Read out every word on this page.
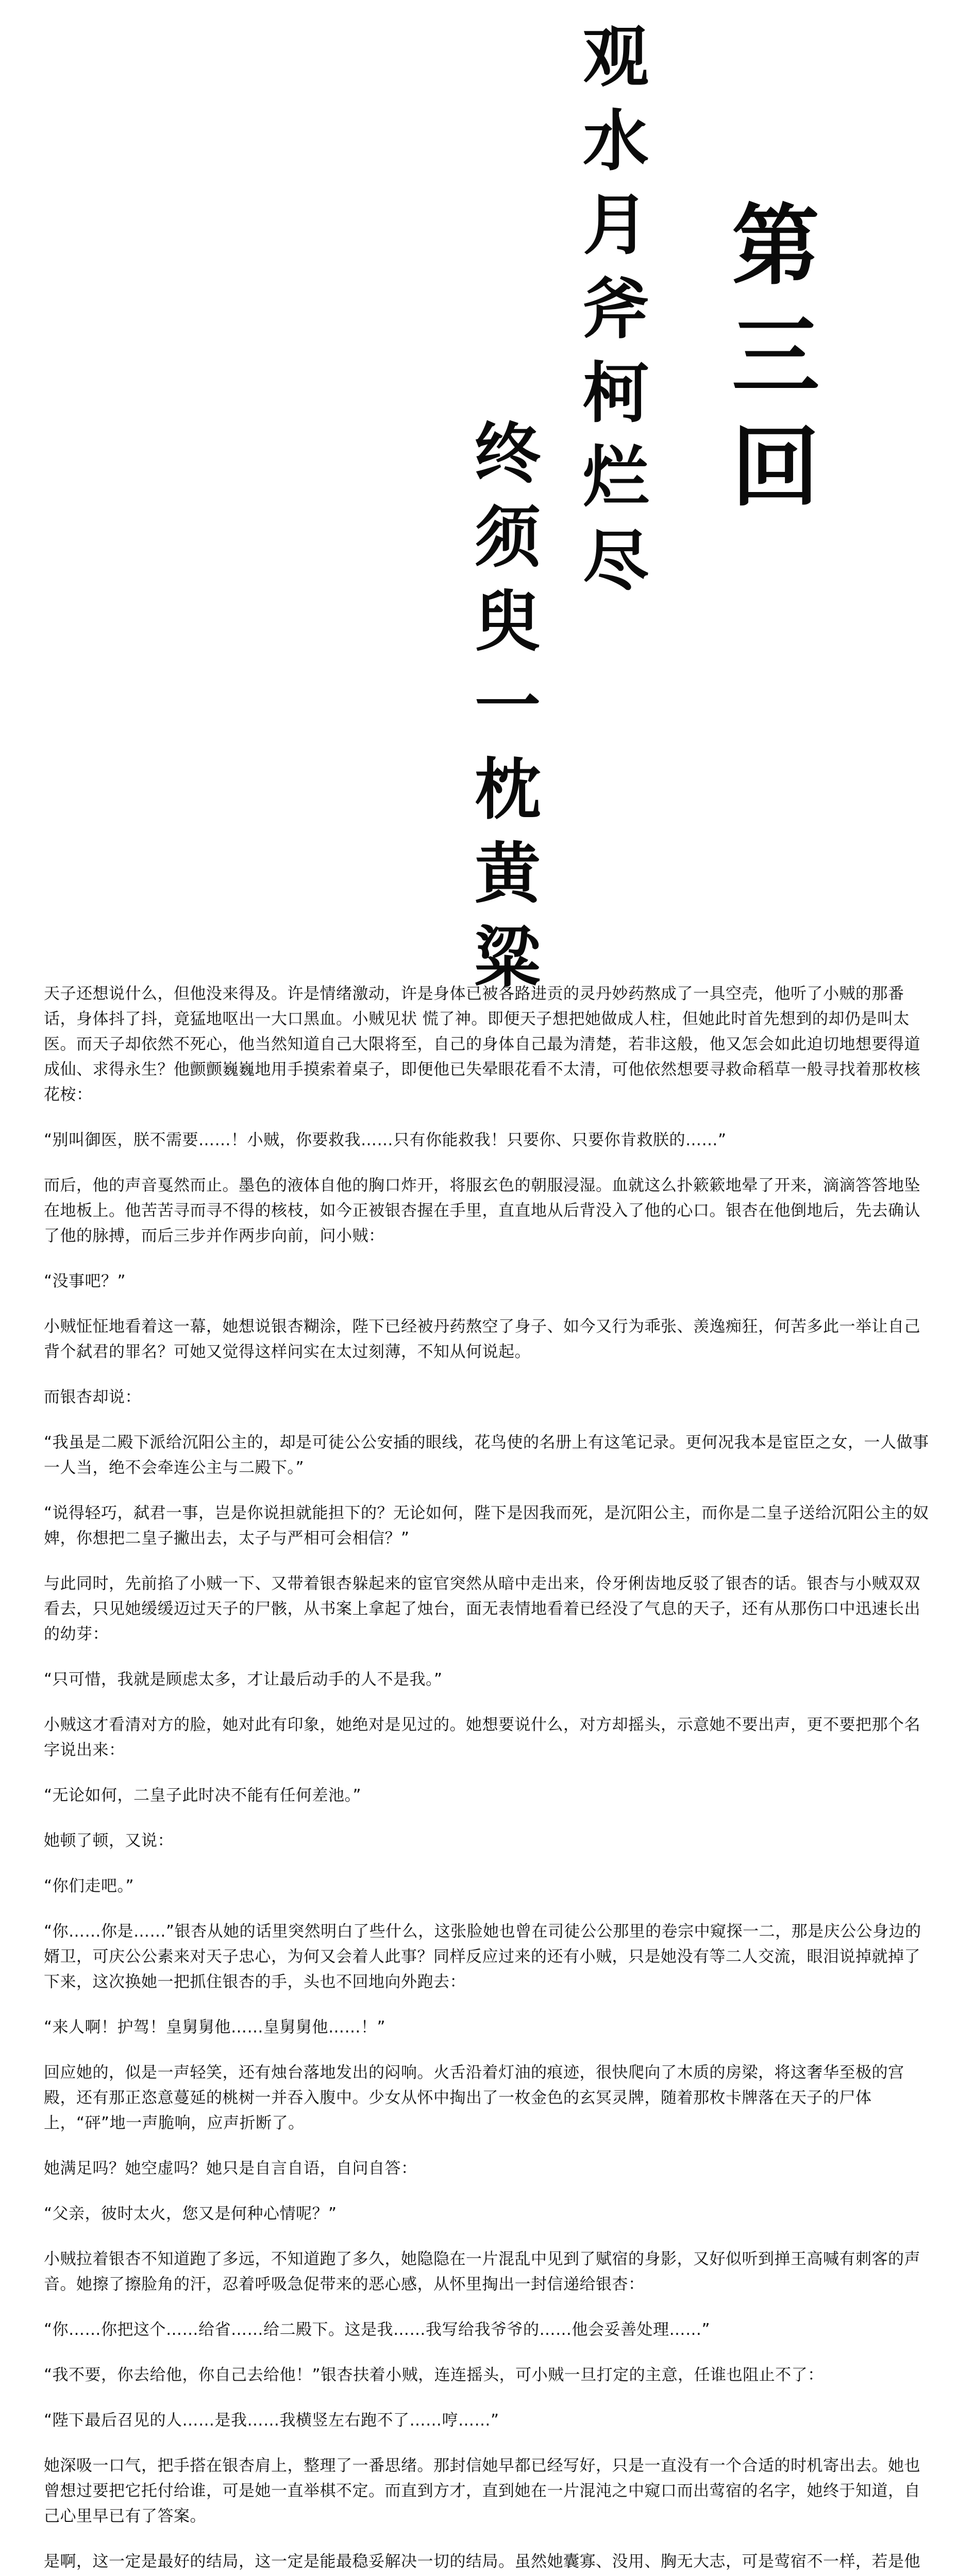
第
三
回
观
水
月
斧
柯
烂
尽
终
须
臾
一
枕
黄
粱

天子还想说什么，但他没来得及。许是情绪激动，许是身体已被各路进贡的灵丹妙药熬成了一具空壳，他听了小贼的那番话，身体抖了抖，竟猛地呕出一大口黑血。小贼见状 慌了神。即便天子想把她做成人柱，但她此时首先想到的却仍是叫太医。而天子却依然不死心，他当然知道自己大限将至，自己的身体自己最为清楚，若非这般，他又怎会如此迫切地想要得道成仙、求得永生？他颤颤巍巍地用手摸索着桌子，即便他已失晕眼花看不太清，可他依然想要寻救命稻草一般寻找着那枚核花桉：

“别叫御医，朕不需要……！小贼，你要救我……只有你能救我！只要你、只要你肯救朕的……”

而后，他的声音戛然而止。墨色的液体自他的胸口炸开，将服玄色的朝服浸湿。血就这么扑簌簌地晕了开来，滴滴答答地坠在地板上。他苦苦寻而寻不得的核枝，如今正被银杏握在手里，直直地从后背没入了他的心口。银杏在他倒地后，先去确认了他的脉搏，而后三步并作两步向前，问小贼：

“没事吧？”

小贼怔怔地看着这一幕，她想说银杏糊涂，陛下已经被丹药熬空了身子、如今又行为乖张、羡逸痴狂，何苦多此一举让自己背个弑君的罪名？可她又觉得这样问实在太过刻薄，不知从何说起。

而银杏却说：

“我虽是二殿下派给沉阳公主的，却是可徒公公安插的眼线，花鸟使的名册上有这笔记录。更何况我本是宦臣之女，一人做事一人当，绝不会牵连公主与二殿下。”

“说得轻巧，弑君一事，岂是你说担就能担下的？无论如何，陛下是因我而死，是沉阳公主，而你是二皇子送给沉阳公主的奴婢，你想把二皇子撇出去，太子与严相可会相信？”

与此同时，先前掐了小贼一下、又带着银杏躲起来的宦官突然从暗中走出来，伶牙俐齿地反驳了银杏的话。银杏与小贼双双看去，只见她缓缓迈过天子的尸骸，从书案上拿起了烛台，面无表情地看着已经没了气息的天子，还有从那伤口中迅速长出的幼芽：

“只可惜，我就是顾虑太多，才让最后动手的人不是我。”

小贼这才看清对方的脸，她对此有印象，她绝对是见过的。她想要说什么，对方却摇头，示意她不要出声，更不要把那个名字说出来：

“无论如何，二皇子此时决不能有任何差池。”

她顿了顿，又说：

“你们走吧。”

“你……你是……”银杏从她的话里突然明白了些什么，这张脸她也曾在司徒公公那里的卷宗中窥探一二，那是庆公公身边的婿卫，可庆公公素来对天子忠心，为何又会着人此事？同样反应过来的还有小贼，只是她没有等二人交流，眼泪说掉就掉了下来，这次换她一把抓住银杏的手，头也不回地向外跑去：

“来人啊！护驾！皇舅舅他……皇舅舅他……！”

回应她的，似是一声轻笑，还有烛台落地发出的闷响。火舌沿着灯油的痕迹，很快爬向了木质的房梁，将这奢华至极的宫殿，还有那正恣意蔓延的桃树一并吞入腹中。少女从怀中掏出了一枚金色的玄冥灵牌，随着那枚卡牌落在天子的尸体上，“砰”地一声脆响，应声折断了。

她满足吗？她空虚吗？她只是自言自语，自问自答：

“父亲，彼时太火，您又是何种心情呢？”

小贼拉着银杏不知道跑了多远，不知道跑了多久，她隐隐在一片混乱中见到了赋宿的身影，又好似听到掸王高喊有刺客的声音。她擦了擦脸角的汗，忍着呼吸急促带来的恶心感，从怀里掏出一封信递给银杏：

“你……你把这个……给省……给二殿下。这是我……我写给我爷爷的……他会妥善处理……”

“我不要，你去给他，你自己去给他！”银杏扶着小贼，连连摇头，可小贼一旦打定的主意，任谁也阻止不了：

“陛下最后召见的人……是我……我横竖左右跑不了……哼……”

她深吸一口气，把手搭在银杏肩上，整理了一番思绪。那封信她早都已经写好，只是一直没有一个合适的时机寄出去。她也曾想过要把它托付给谁，可是她一直举棋不定。而直到方才，直到她在一片混沌之中窥口而出莺宿的名字，她终于知道，自己心里早已有了答案。

是啊，这一定是最好的结局，这一定是能最稳妥解决一切的结局。虽然她囊寡、没用、胸无大志，可是莺宿不一样，若是他
